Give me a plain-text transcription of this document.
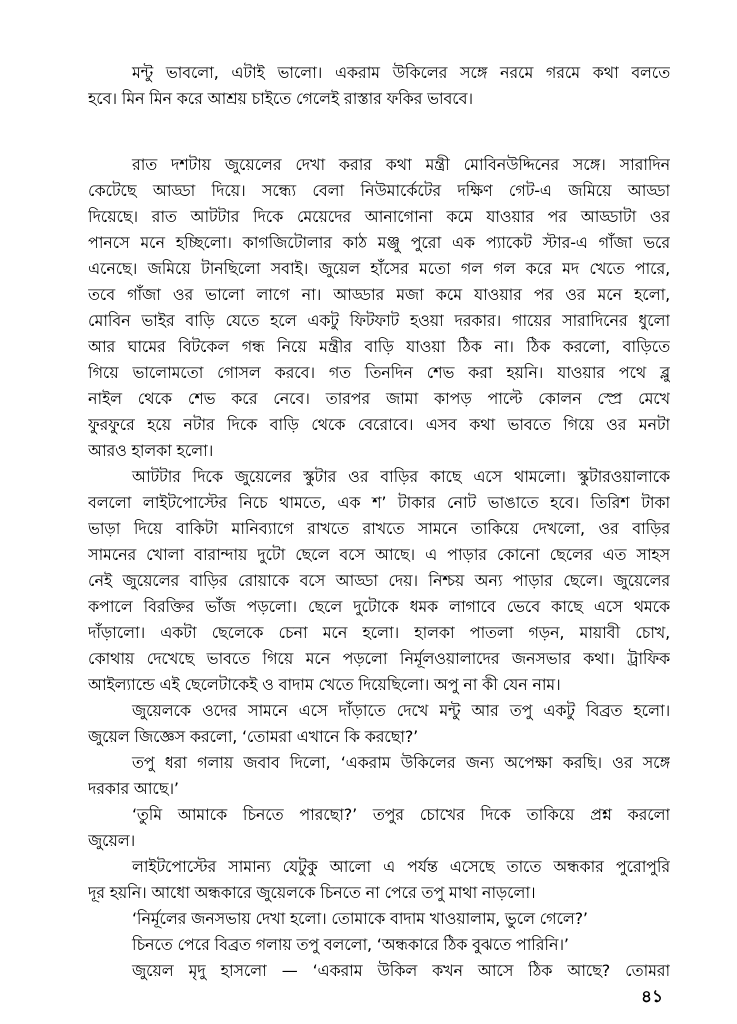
মন্টু ভাবলো, এটাই ভালো। একরাম উকিলের সঙ্গে নরমে গরমে কথা বলতে
হবে। মিন মিন করে আশ্রয় চাইতে গেলেই রাস্তার ফকির ভাববে।
রাত দশটায় জুয়েলের দেখা করার কথা মন্ত্রী মোবিনউদ্দিনের সঙ্গে। সারাদিন
কেটেছে আড্ডা দিয়ে। সন্ধ্যে বেলা নিউমার্কেটের দক্ষিণ গেট-এ জমিয়ে আড্ডা
দিয়েছে। রাত আটটার দিকে মেয়েদের আনাগোনা কমে যাওয়ার পর আড্ডাটা ওর
পানসে মনে হচ্ছিলো। কাগজিটোলার কাঠ মঞ্জু পুরো এক প্যাকেট স্টার-এ গাঁজা ভরে
এনেছে। জমিয়ে টানছিলো সবাই। জুয়েল হাঁসের মতো গল গল করে মদ খেতে পারে,
তবে গাঁজা ওর ভালো লাগে না। আড্ডার মজা কমে যাওয়ার পর ওর মনে হলো,
মোবিন ভাইর বাড়ি যেতে হলে একটু ফিটফাট হওয়া দরকার। গায়ের সারাদিনের ধুলো
আর ঘামের বিটকেল গন্ধ নিয়ে মন্ত্রীর বাড়ি যাওয়া ঠিক না। ঠিক করলো, বাড়িতে
গিয়ে ভালোমতো গোসল করবে। গত তিনদিন শেভ করা হয়নি। যাওয়ার পথে ব্লু
নাইল থেকে শেভ করে নেবে। তারপর জামা কাপড় পাল্টে কোলন স্প্রে মেখে
ফুরফুরে হয়ে নটার দিকে বাড়ি থেকে বেরোবে। এসব কথা ভাবতে গিয়ে ওর মনটা
আরও হালকা হলো।
আটটার দিকে জুয়েলের স্কুটার ওর বাড়ির কাছে এসে থামলো। স্কুটারওয়ালাকে
বললো লাইটপোস্টের নিচে থামতে, এক শ’ টাকার নোট ভাঙাতে হবে। তিরিশ টাকা
ভাড়া দিয়ে বাকিটা মানিব্যাগে রাখতে রাখতে সামনে তাকিয়ে দেখলো, ওর বাড়ির
সামনের খোলা বারান্দায় দুটো ছেলে বসে আছে। এ পাড়ার কোনো ছেলের এত সাহস
নেই জুয়েলের বাড়ির রোয়াকে বসে আড্ডা দেয়। নিশ্চয় অন্য পাড়ার ছেলে। জুয়েলের
কপালে বিরক্তির ভাঁজ পড়লো। ছেলে দুটোকে ধমক লাগাবে ভেবে কাছে এসে থমকে
দাঁড়ালো। একটা ছেলেকে চেনা মনে হলো। হালকা পাতলা গড়ন, মায়াবী চোখ,
কোথায় দেখেছে ভাবতে গিয়ে মনে পড়লো নির্মূলওয়ালাদের জনসভার কথা। ট্রাফিক
আইল্যান্ডে এই ছেলেটাকেই ও বাদাম খেতে দিয়েছিলো। অপু না কী যেন নাম।
জুয়েলকে ওদের সামনে এসে দাঁড়াতে দেখে মন্টু আর তপু একটু বিব্রত হলো।
জুয়েল জিজ্ঞেস করলো, ‘তোমরা এখানে কি করছো?’
তপু ধরা গলায় জবাব দিলো, ‘একরাম উকিলের জন্য অপেক্ষা করছি। ওর সঙ্গে
দরকার আছে।’
‘তুমি আমাকে চিনতে পারছো?’ তপুর চোখের দিকে তাকিয়ে প্রশ্ন করলো
জুয়েল।
লাইটপোস্টের সামান্য যেটুকু আলো এ পর্যন্ত এসেছে তাতে অন্ধকার পুরোপুরি
দূর হয়নি। আধো অন্ধকারে জুয়েলকে চিনতে না পেরে তপু মাথা নাড়লো।
‘নির্মূলের জনসভায় দেখা হলো। তোমাকে বাদাম খাওয়ালাম, ভুলে গেলে?’
চিনতে পেরে বিব্রত গলায় তপু বললো, ‘অন্ধকারে ঠিক বুঝতে পারিনি।’
জুয়েল মৃদু হাসলো — ‘একরাম উকিল কখন আসে ঠিক আছে? তোমরা
৪১
